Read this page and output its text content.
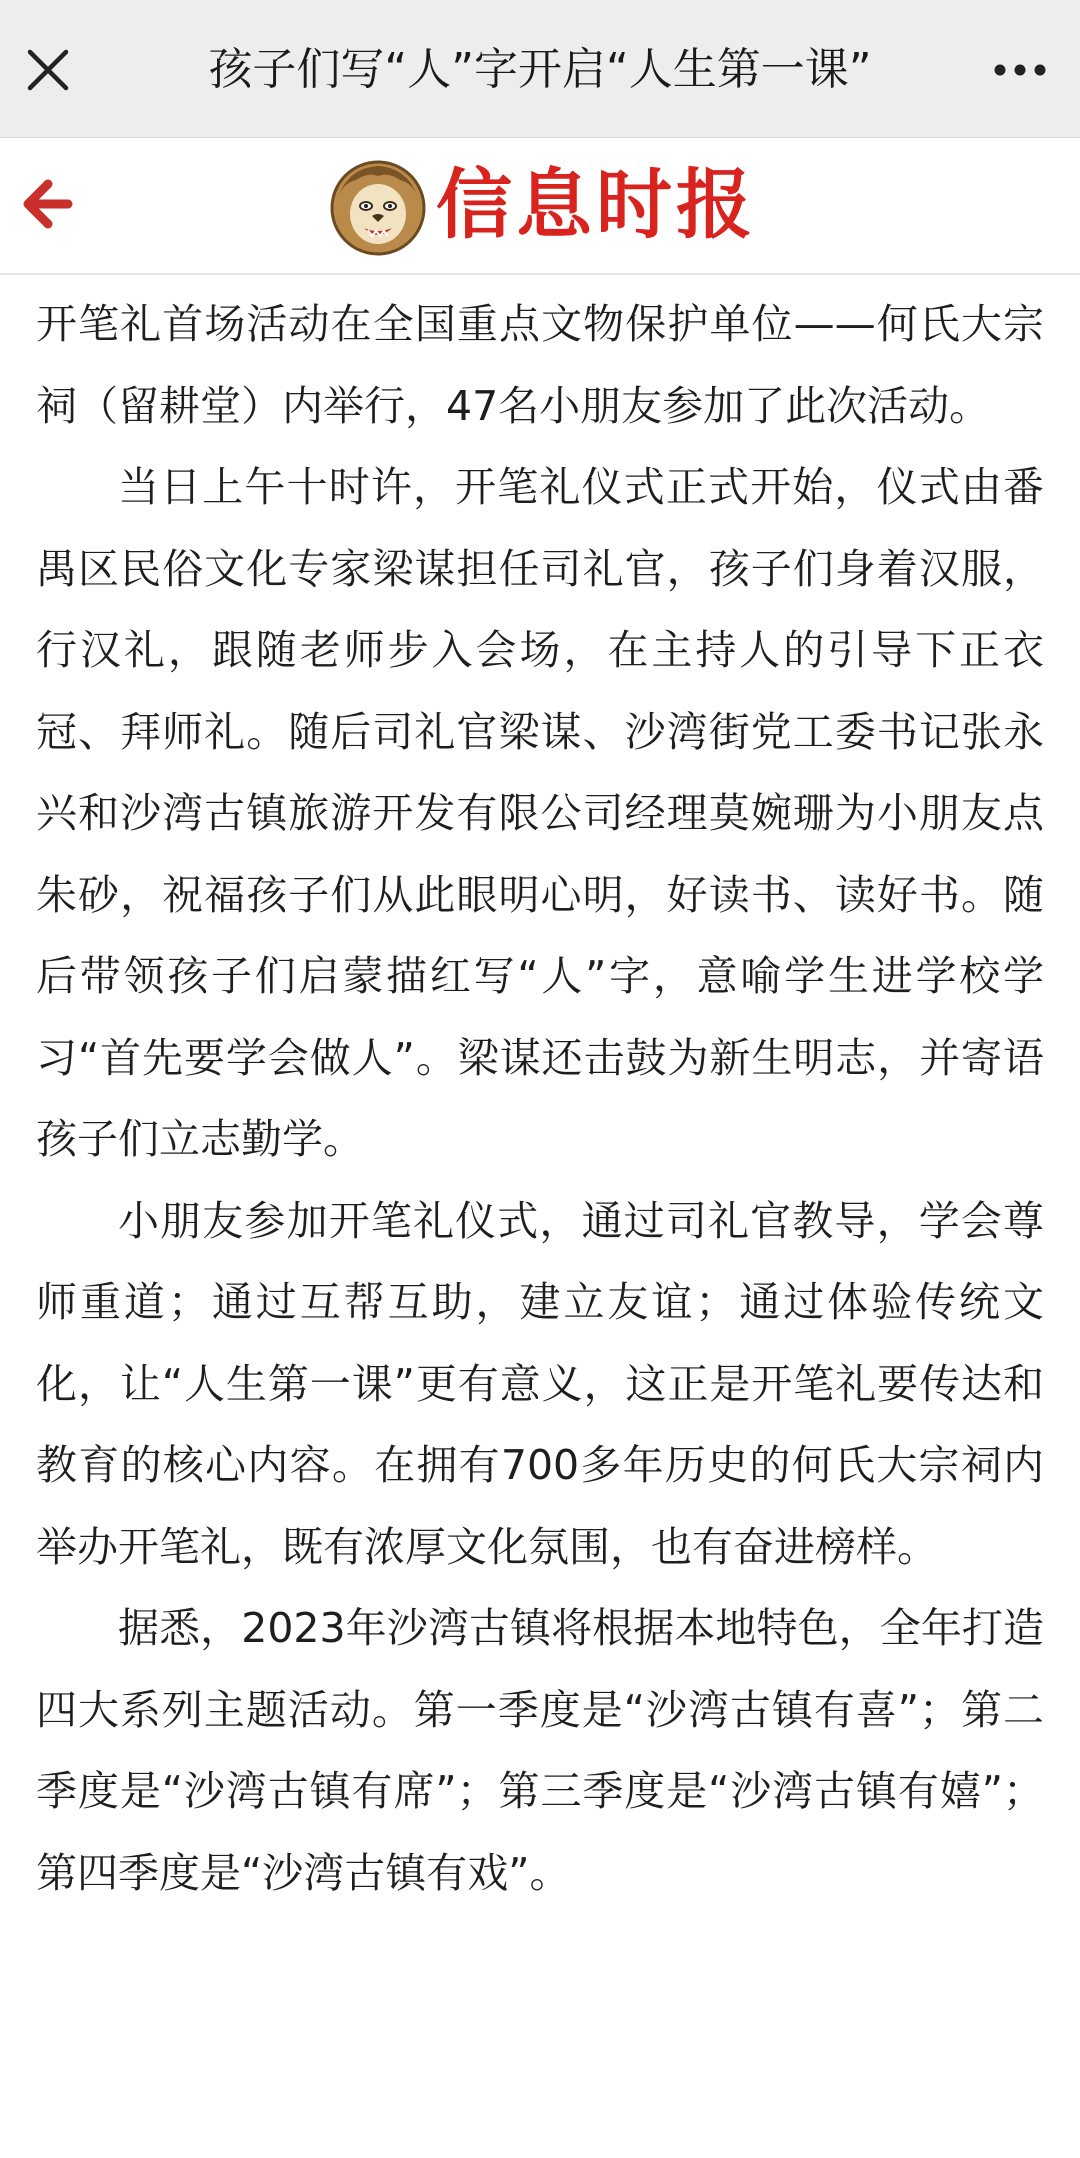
孩子们写“人”字开启“人生第一课”
信息时报

开笔礼首场活动在全国重点文物保护单位——何氏大宗祠（留耕堂）内举行，47名小朋友参加了此次活动。

当日上午十时许，开笔礼仪式正式开始，仪式由番禺区民俗文化专家梁谋担任司礼官，孩子们身着汉服，行汉礼，跟随老师步入会场，在主持人的引导下正衣冠、拜师礼。随后司礼官梁谋、沙湾街党工委书记张永兴和沙湾古镇旅游开发有限公司经理莫婉珊为小朋友点朱砂，祝福孩子们从此眼明心明，好读书、读好书。随后带领孩子们启蒙描红写“人”字，意喻学生进学校学习“首先要学会做人”。梁谋还击鼓为新生明志，并寄语孩子们立志勤学。

小朋友参加开笔礼仪式，通过司礼官教导，学会尊师重道；通过互帮互助，建立友谊；通过体验传统文化，让“人生第一课”更有意义，这正是开笔礼要传达和教育的核心内容。在拥有700多年历史的何氏大宗祠内举办开笔礼，既有浓厚文化氛围，也有奋进榜样。

据悉，2023年沙湾古镇将根据本地特色，全年打造四大系列主题活动。第一季度是“沙湾古镇有喜”；第二季度是“沙湾古镇有席”；第三季度是“沙湾古镇有嬉”；第四季度是“沙湾古镇有戏”。
